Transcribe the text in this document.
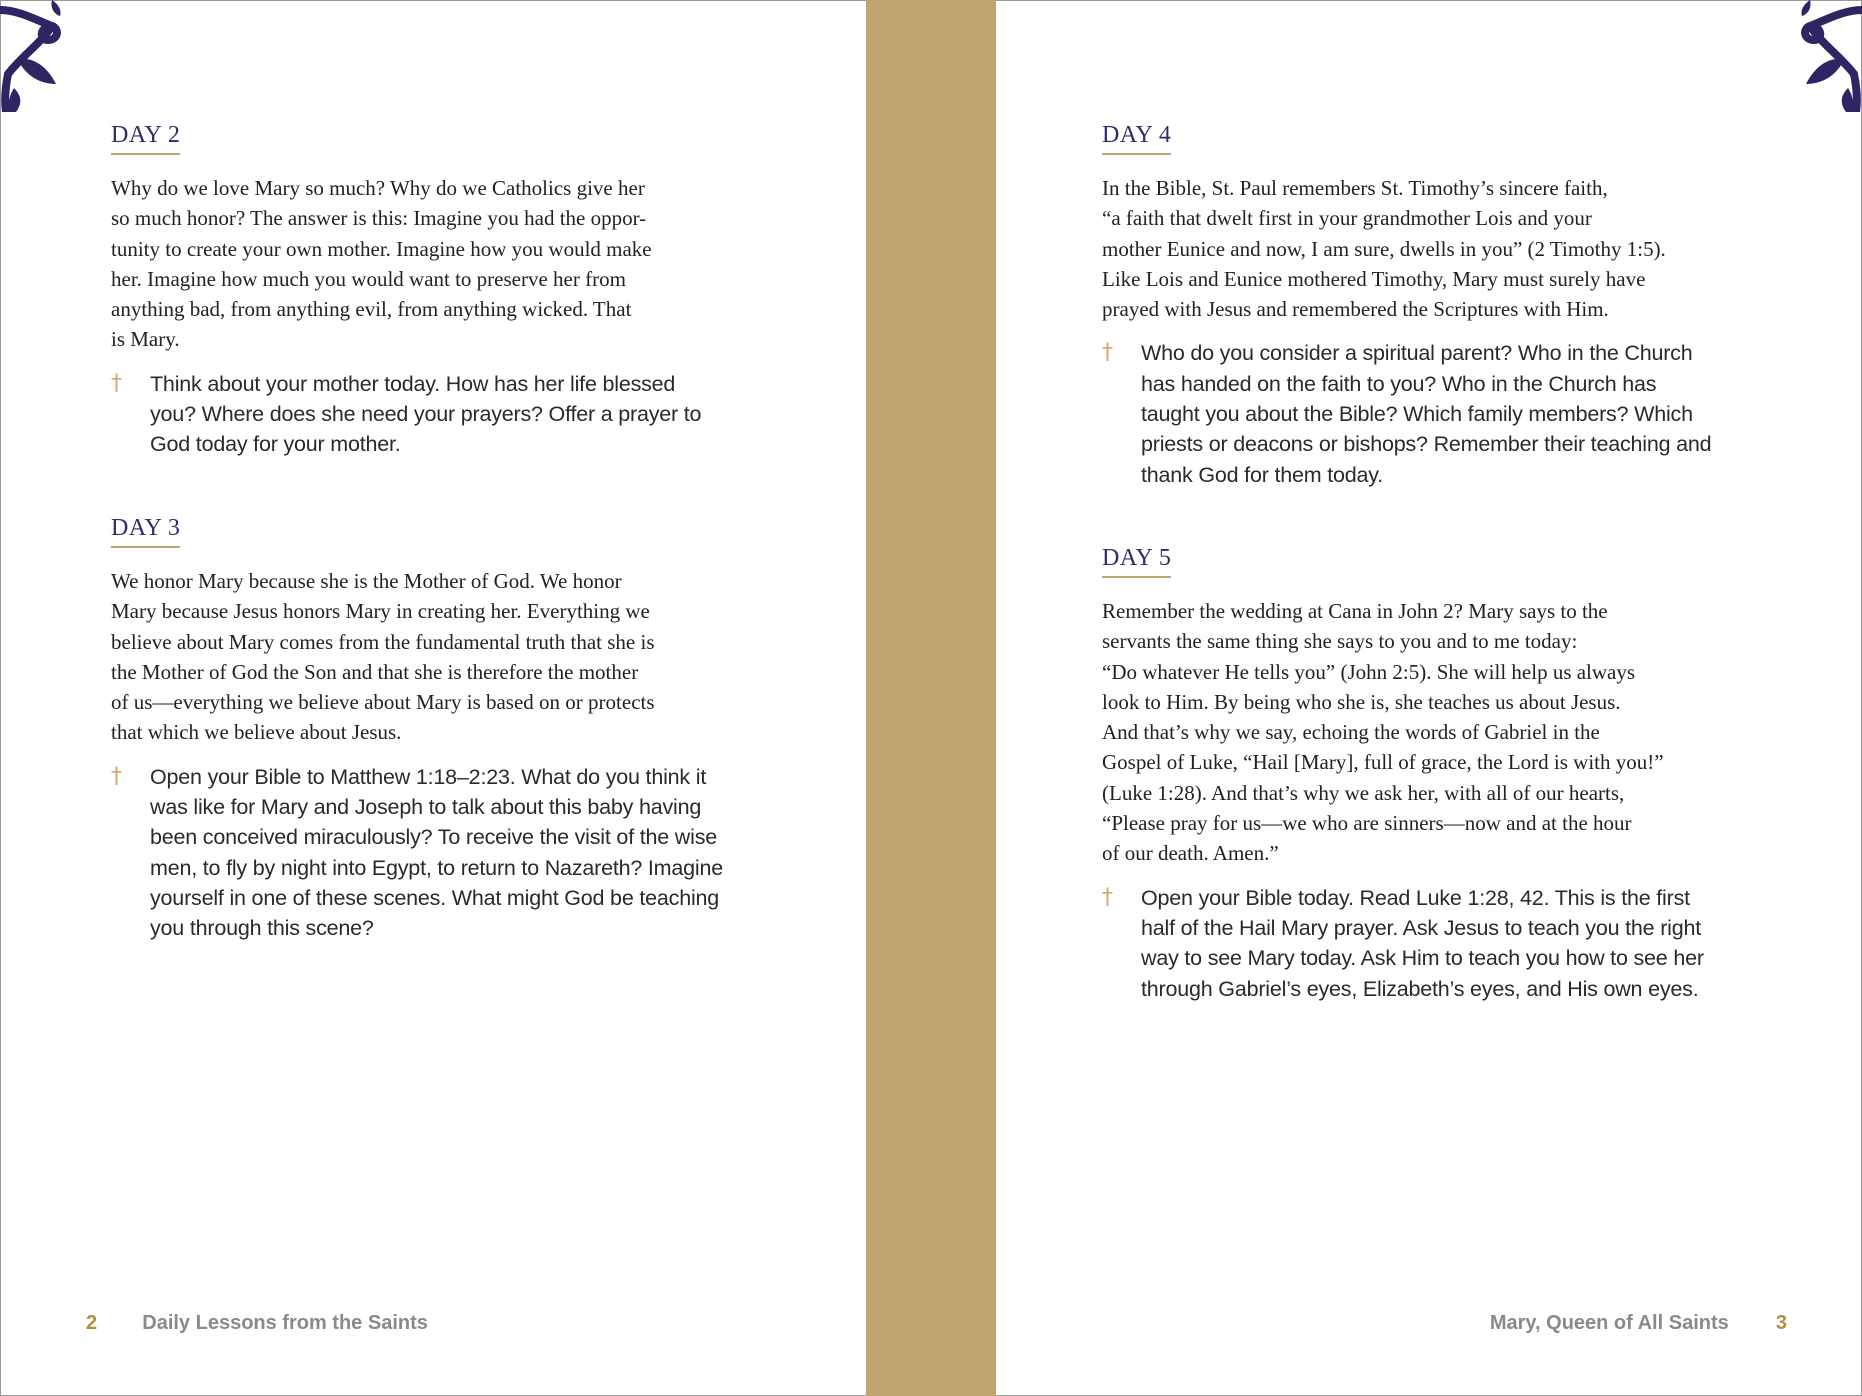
DAY 2

Why do we love Mary so much? Why do we Catholics give her
so much honor? The answer is this: Imagine you had the oppor-
tunity to create your own mother. Imagine how you would make
her. Imagine how much you would want to preserve her from
anything bad, from anything evil, from anything wicked. That
is Mary.

† Think about your mother today. How has her life blessed
you? Where does she need your prayers? Offer a prayer to
God today for your mother.

DAY 3

We honor Mary because she is the Mother of God. We honor
Mary because Jesus honors Mary in creating her. Everything we
believe about Mary comes from the fundamental truth that she is
the Mother of God the Son and that she is therefore the mother
of us—everything we believe about Mary is based on or protects
that which we believe about Jesus.

† Open your Bible to Matthew 1:18–2:23. What do you think it
was like for Mary and Joseph to talk about this baby having
been conceived miraculously? To receive the visit of the wise
men, to fly by night into Egypt, to return to Nazareth? Imagine
yourself in one of these scenes. What might God be teaching
you through this scene?

2 Daily Lessons from the Saints
DAY 4

In the Bible, St. Paul remembers St. Timothy’s sincere faith,
“a faith that dwelt first in your grandmother Lois and your
mother Eunice and now, I am sure, dwells in you” (2 Timothy 1:5).
Like Lois and Eunice mothered Timothy, Mary must surely have
prayed with Jesus and remembered the Scriptures with Him.

† Who do you consider a spiritual parent? Who in the Church
has handed on the faith to you? Who in the Church has
taught you about the Bible? Which family members? Which
priests or deacons or bishops? Remember their teaching and
thank God for them today.

DAY 5

Remember the wedding at Cana in John 2? Mary says to the
servants the same thing she says to you and to me today:
“Do whatever He tells you” (John 2:5). She will help us always
look to Him. By being who she is, she teaches us about Jesus.
And that’s why we say, echoing the words of Gabriel in the
Gospel of Luke, “Hail [Mary], full of grace, the Lord is with you!”
(Luke 1:28). And that’s why we ask her, with all of our hearts,
“Please pray for us—we who are sinners—now and at the hour
of our death. Amen.”

† Open your Bible today. Read Luke 1:28, 42. This is the first
half of the Hail Mary prayer. Ask Jesus to teach you the right
way to see Mary today. Ask Him to teach you how to see her
through Gabriel’s eyes, Elizabeth’s eyes, and His own eyes.

Mary, Queen of All Saints 3
